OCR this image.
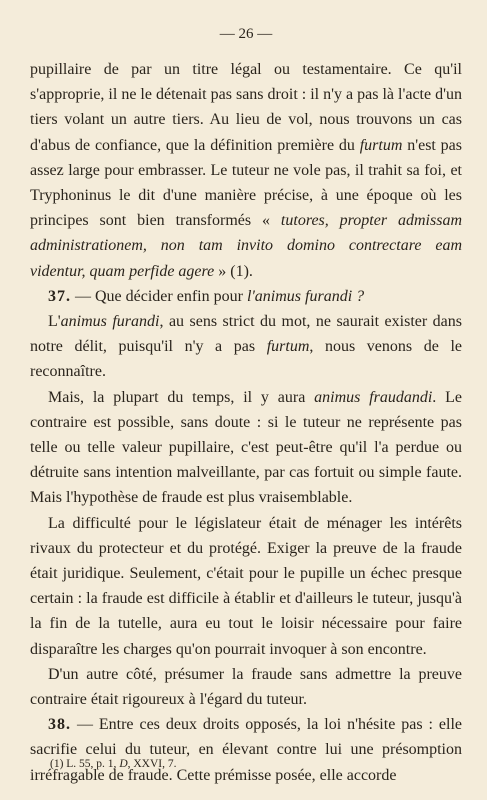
— 26 —

pupillaire de par un titre légal ou testamentaire. Ce qu'il s'approprie, il ne le détenait pas sans droit : il n'y a pas là l'acte d'un tiers volant un autre tiers. Au lieu de vol, nous trouvons un cas d'abus de confiance, que la définition première du furtum n'est pas assez large pour embrasser. Le tuteur ne vole pas, il trahit sa foi, et Tryphoninus le dit d'une manière précise, à une époque où les principes sont bien transformés « tutores, propter admissam administrationem, non tam invito domino contrectare eam videntur, quam perfide agere » (1).

37. — Que décider enfin pour l'animus furandi ?

L'animus furandi, au sens strict du mot, ne saurait exister dans notre délit, puisqu'il n'y a pas furtum, nous venons de le reconnaître.

Mais, la plupart du temps, il y aura animus fraudandi. Le contraire est possible, sans doute : si le tuteur ne représente pas telle ou telle valeur pupillaire, c'est peut-être qu'il l'a perdue ou détruite sans intention malveillante, par cas fortuit ou simple faute. Mais l'hypothèse de fraude est plus vraisemblable.

La difficulté pour le législateur était de ménager les intérêts rivaux du protecteur et du protégé. Exiger la preuve de la fraude était juridique. Seulement, c'était pour le pupille un échec presque certain : la fraude est difficile à établir et d'ailleurs le tuteur, jusqu'à la fin de la tutelle, aura eu tout le loisir nécessaire pour faire disparaître les charges qu'on pourrait invoquer à son encontre.

D'un autre côté, présumer la fraude sans admettre la preuve contraire était rigoureux à l'égard du tuteur.

38. — Entre ces deux droits opposés, la loi n'hésite pas : elle sacrifie celui du tuteur, en élevant contre lui une présomption irréfragable de fraude. Cette prémisse posée, elle accorde

(1) L. 55, p. 1, D, XXVI, 7.
